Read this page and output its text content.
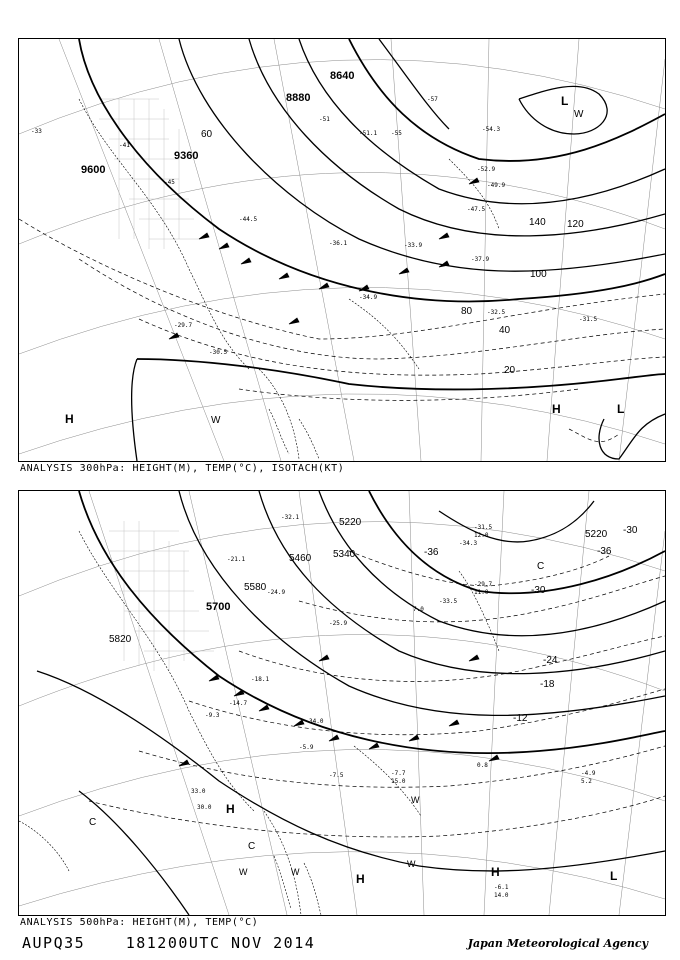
9600
9360
8880
8640
140 120
100
80
60
40
20
H
H
L
L
W
W
-33
-41
-45
-51
-55
-57
-47.5
-44.5
-37.9
-36.1	-33.9
-32.5
-34.9
-29.7
-30.5
-31.5
-54.3
-52.9
-49.9
-51.1
ANALYSIS 300hPa: HEIGHT(M), TEMP(°C), ISOTACH(KT)
5820
5700
5580
5460 5340
5220
5220
-36	-36
-30
-30
-24
-18
-12
H
H	H	L
C
C
C
W
W	W
W
-32.1
-34.3
-31.5
12.0
-21.1
-24.9
-25.9
-33.5
7.0
-29.7
11.0
-18.1
-14.7
-9.3
34.0
-5.9
-7.5	-7.7
15.0
0.8
-4.9
5.2
-6.1
14.0
33.0
30.0
ANALYSIS 500hPa: HEIGHT(M), TEMP(°C)
AUPQ35	181200UTC NOV 2014	Japan Meteorological Agency
